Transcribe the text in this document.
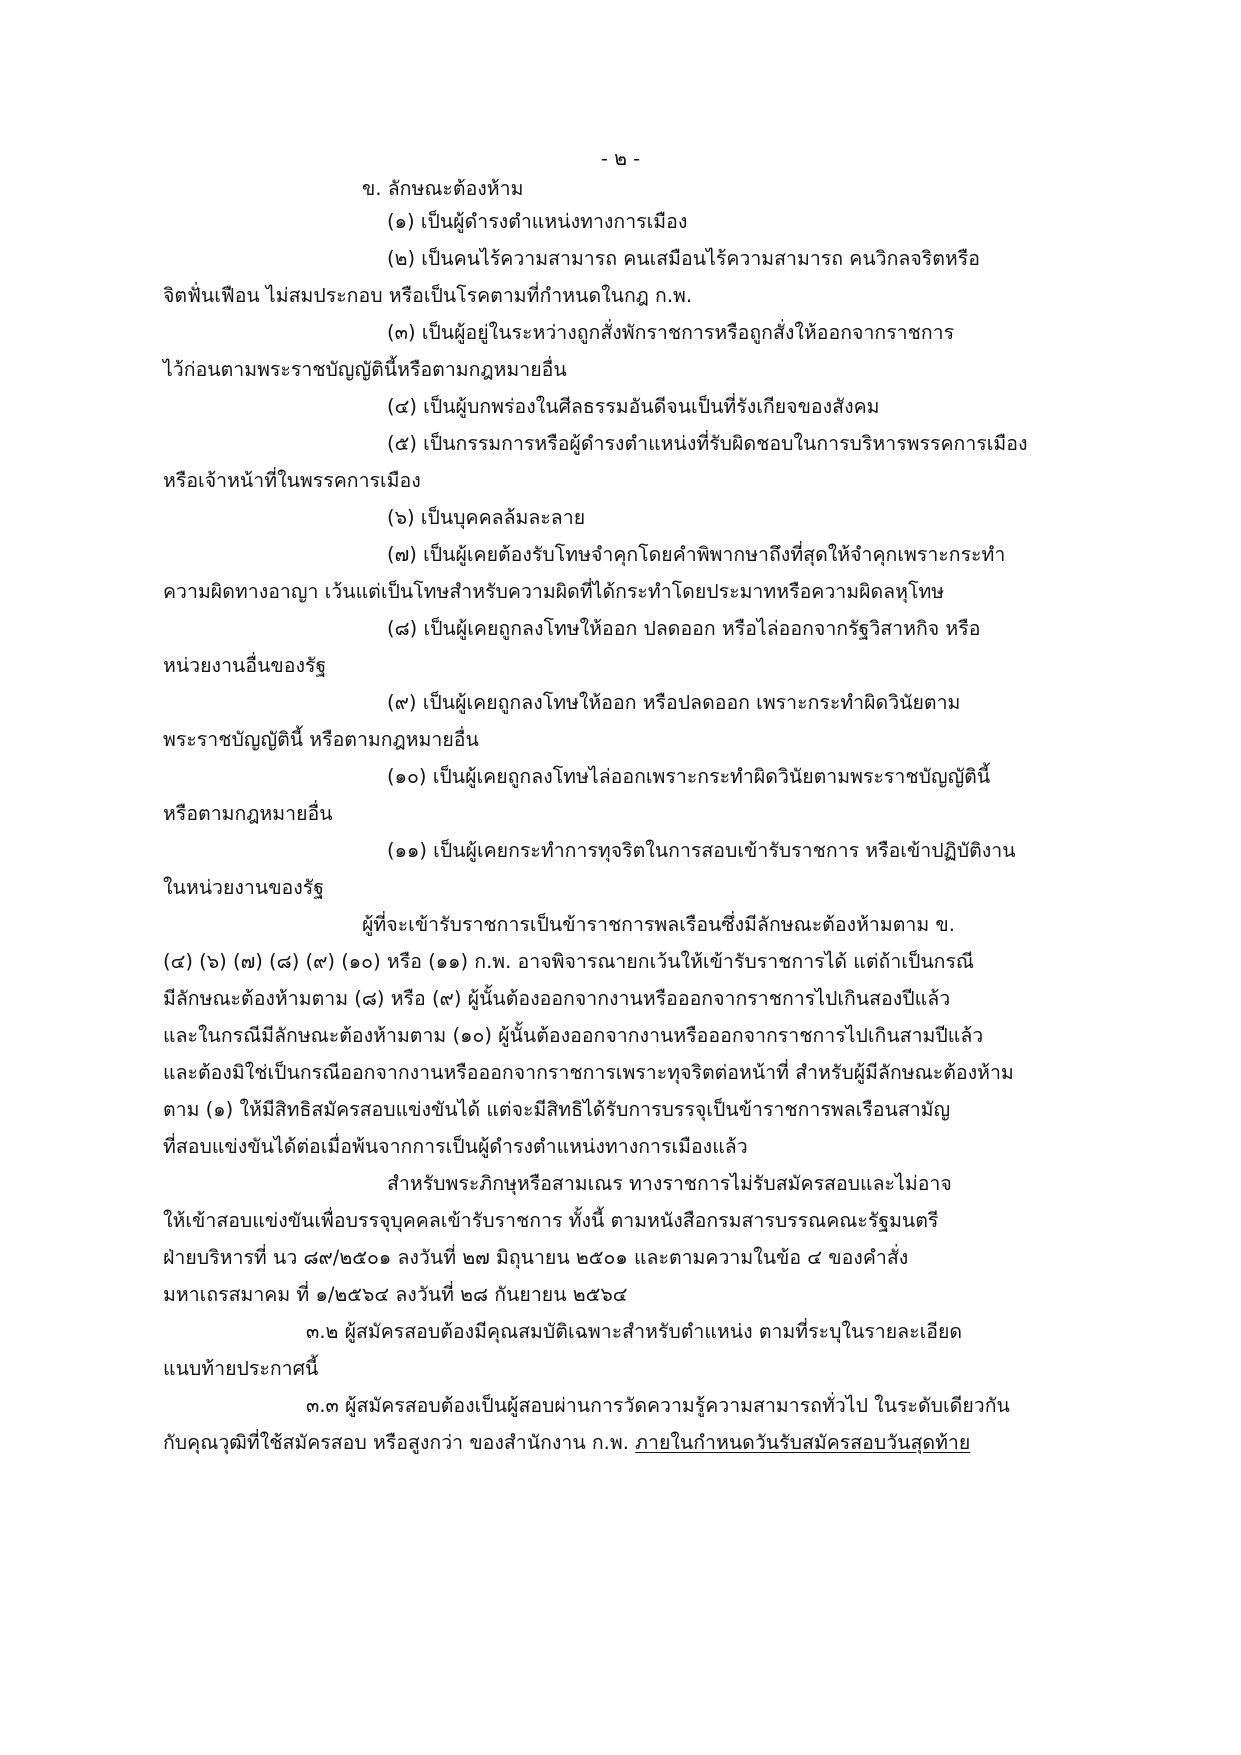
- ๒ -
ข. ลักษณะต้องห้าม
(๑) เป็นผู้ดำรงตำแหน่งทางการเมือง
(๒) เป็นคนไร้ความสามารถ คนเสมือนไร้ความสามารถ คนวิกลจริตหรือ
จิตฟั่นเฟือน ไม่สมประกอบ หรือเป็นโรคตามที่กำหนดในกฎ ก.พ.
(๓) เป็นผู้อยู่ในระหว่างถูกสั่งพักราชการหรือถูกสั่งให้ออกจากราชการ
ไว้ก่อนตามพระราชบัญญัตินี้หรือตามกฎหมายอื่น
(๔) เป็นผู้บกพร่องในศีลธรรมอันดีจนเป็นที่รังเกียจของสังคม
(๕) เป็นกรรมการหรือผู้ดำรงตำแหน่งที่รับผิดชอบในการบริหารพรรคการเมือง
หรือเจ้าหน้าที่ในพรรคการเมือง
(๖) เป็นบุคคลล้มละลาย
(๗) เป็นผู้เคยต้องรับโทษจำคุกโดยคำพิพากษาถึงที่สุดให้จำคุกเพราะกระทำ
ความผิดทางอาญา เว้นแต่เป็นโทษสำหรับความผิดที่ได้กระทำโดยประมาทหรือความผิดลหุโทษ
(๘) เป็นผู้เคยถูกลงโทษให้ออก ปลดออก หรือไล่ออกจากรัฐวิสาหกิจ หรือ
หน่วยงานอื่นของรัฐ
(๙) เป็นผู้เคยถูกลงโทษให้ออก หรือปลดออก เพราะกระทำผิดวินัยตาม
พระราชบัญญัตินี้ หรือตามกฎหมายอื่น
(๑๐) เป็นผู้เคยถูกลงโทษไล่ออกเพราะกระทำผิดวินัยตามพระราชบัญญัตินี้
หรือตามกฎหมายอื่น
(๑๑) เป็นผู้เคยกระทำการทุจริตในการสอบเข้ารับราชการ หรือเข้าปฏิบัติงาน
ในหน่วยงานของรัฐ
ผู้ที่จะเข้ารับราชการเป็นข้าราชการพลเรือนซึ่งมีลักษณะต้องห้ามตาม ข.
(๔) (๖) (๗) (๘) (๙) (๑๐) หรือ (๑๑) ก.พ. อาจพิจารณายกเว้นให้เข้ารับราชการได้ แต่ถ้าเป็นกรณี
มีลักษณะต้องห้ามตาม (๘) หรือ (๙) ผู้นั้นต้องออกจากงานหรือออกจากราชการไปเกินสองปีแล้ว
และในกรณีมีลักษณะต้องห้ามตาม (๑๐) ผู้นั้นต้องออกจากงานหรือออกจากราชการไปเกินสามปีแล้ว
และต้องมิใช่เป็นกรณีออกจากงานหรือออกจากราชการเพราะทุจริตต่อหน้าที่ สำหรับผู้มีลักษณะต้องห้าม
ตาม (๑) ให้มีสิทธิสมัครสอบแข่งขันได้ แต่จะมีสิทธิได้รับการบรรจุเป็นข้าราชการพลเรือนสามัญ
ที่สอบแข่งขันได้ต่อเมื่อพ้นจากการเป็นผู้ดำรงตำแหน่งทางการเมืองแล้ว
สำหรับพระภิกษุหรือสามเณร ทางราชการไม่รับสมัครสอบและไม่อาจ
ให้เข้าสอบแข่งขันเพื่อบรรจุบุคคลเข้ารับราชการ ทั้งนี้ ตามหนังสือกรมสารบรรณคณะรัฐมนตรี
ฝ่ายบริหารที่ นว ๘๙/๒๕๐๑ ลงวันที่ ๒๗ มิถุนายน ๒๕๐๑ และตามความในข้อ ๔ ของคำสั่ง
มหาเถรสมาคม ที่ ๑/๒๕๖๔ ลงวันที่ ๒๘ กันยายน ๒๕๖๔
๓.๒ ผู้สมัครสอบต้องมีคุณสมบัติเฉพาะสำหรับตำแหน่ง ตามที่ระบุในรายละเอียด
แนบท้ายประกาศนี้
๓.๓ ผู้สมัครสอบต้องเป็นผู้สอบผ่านการวัดความรู้ความสามารถทั่วไป ในระดับเดียวกัน
กับคุณวุฒิที่ใช้สมัครสอบ หรือสูงกว่า ของสำนักงาน ก.พ. ภายในกำหนดวันรับสมัครสอบวันสุดท้าย
